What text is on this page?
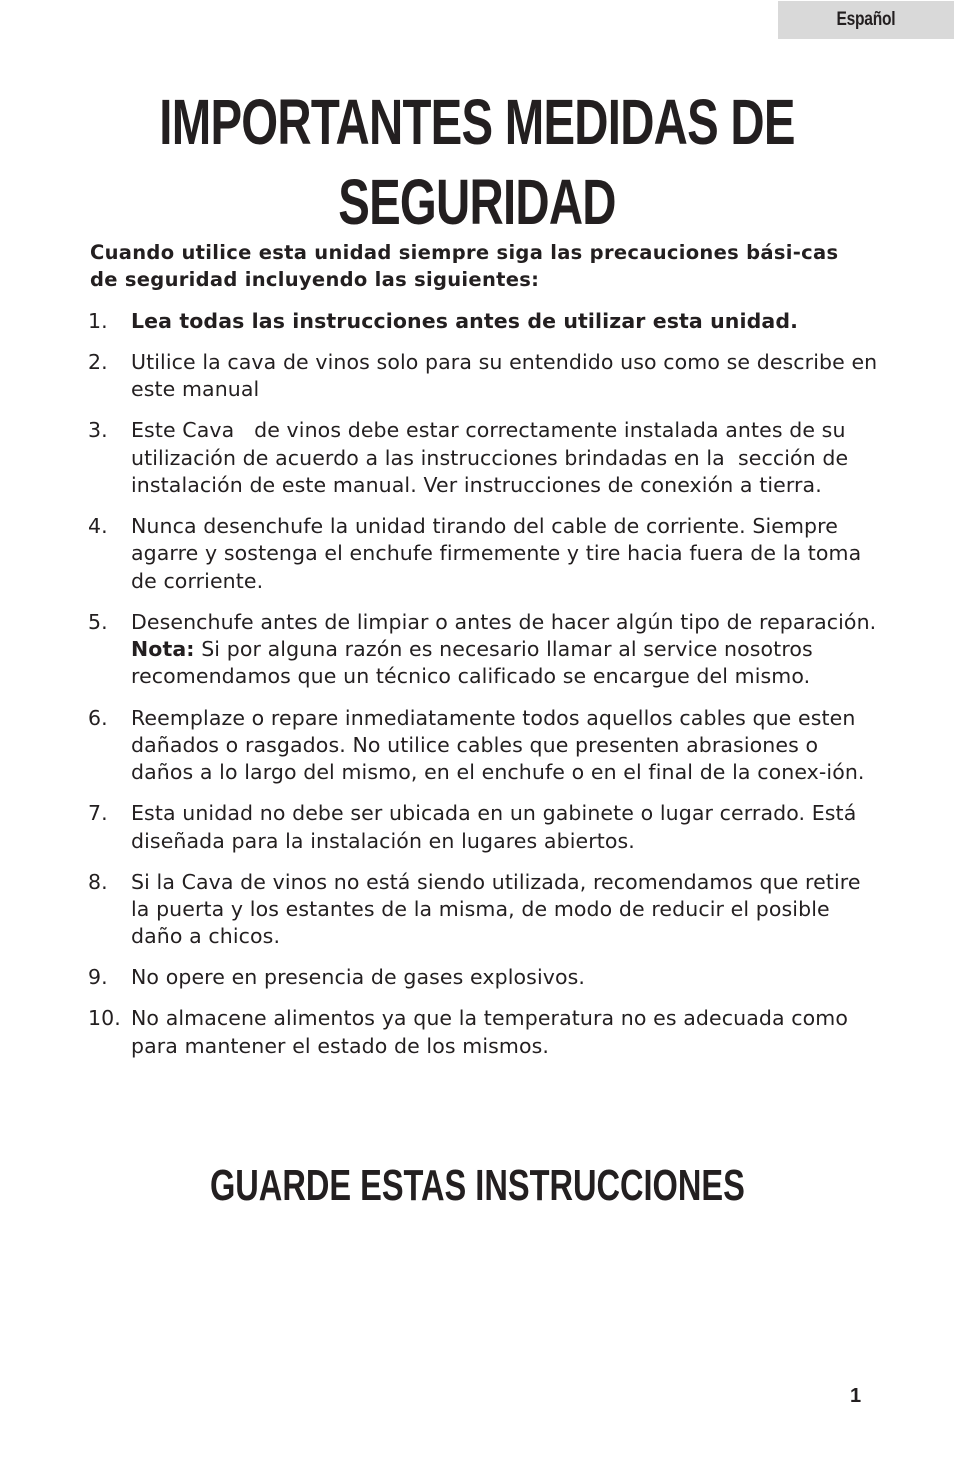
Español
IMPORTANTES MEDIDAS DE
SEGURIDAD

Cuando utilice esta unidad siempre siga las precauciones bási-cas de seguridad incluyendo las siguientes:

1. Lea todas las instrucciones antes de utilizar esta unidad.
2. Utilice la cava de vinos solo para su entendido uso como se describe en este manual
3. Este Cava   de vinos debe estar correctamente instalada antes de su utilización de acuerdo a las instrucciones brindadas en la  sección de instalación de este manual. Ver instrucciones de conexión a tierra.
4. Nunca desenchufe la unidad tirando del cable de corriente. Siempre agarre y sostenga el enchufe firmemente y tire hacia fuera de la toma de corriente.
5. Desenchufe antes de limpiar o antes de hacer algún tipo de reparación.  Nota: Si por alguna razón es necesario llamar al service nosotros recomendamos que un técnico calificado se encargue del mismo.
6. Reemplaze o repare inmediatamente todos aquellos cables que esten dañados o rasgados. No utilice cables que presenten abrasiones o daños a lo largo del mismo, en el enchufe o en el final de la conex-ión.
7. Esta unidad no debe ser ubicada en un gabinete o lugar cerrado. Está diseñada para la instalación en lugares abiertos.
8. Si la Cava de vinos no está siendo utilizada, recomendamos que retire la puerta y los estantes de la misma, de modo de reducir el posible daño a chicos.
9. No opere en presencia de gases explosivos.
10. No almacene alimentos ya que la temperatura no es adecuada como para mantener el estado de los mismos.
GUARDE ESTAS INSTRUCCIONES
1
